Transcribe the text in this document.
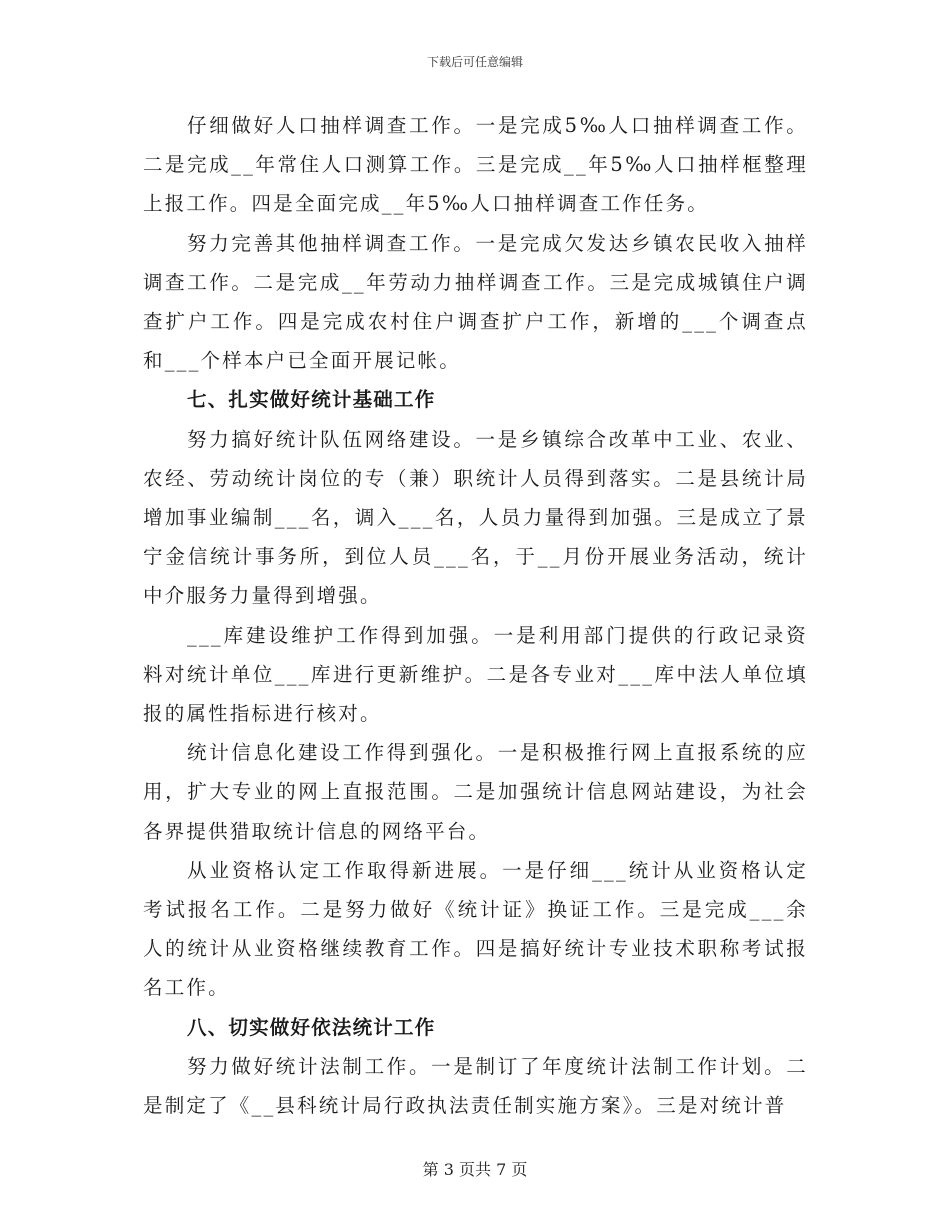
下载后可任意编辑

仔细做好人口抽样调查工作。一是完成5‰人口抽样调查工作。二是完成__年常住人口测算工作。三是完成__年5‰人口抽样框整理上报工作。四是全面完成__年5‰人口抽样调查工作任务。

努力完善其他抽样调查工作。一是完成欠发达乡镇农民收入抽样调查工作。二是完成__年劳动力抽样调查工作。三是完成城镇住户调查扩户工作。四是完成农村住户调查扩户工作，新增的___个调查点和___个样本户已全面开展记帐。

七、扎实做好统计基础工作

努力搞好统计队伍网络建设。一是乡镇综合改革中工业、农业、农经、劳动统计岗位的专（兼）职统计人员得到落实。二是县统计局增加事业编制___名，调入___名，人员力量得到加强。三是成立了景宁金信统计事务所，到位人员___名，于__月份开展业务活动，统计中介服务力量得到增强。

___库建设维护工作得到加强。一是利用部门提供的行政记录资料对统计单位___库进行更新维护。二是各专业对___库中法人单位填报的属性指标进行核对。

统计信息化建设工作得到强化。一是积极推行网上直报系统的应用，扩大专业的网上直报范围。二是加强统计信息网站建设，为社会各界提供猎取统计信息的网络平台。

从业资格认定工作取得新进展。一是仔细___统计从业资格认定考试报名工作。二是努力做好《统计证》换证工作。三是完成___余人的统计从业资格继续教育工作。四是搞好统计专业技术职称考试报名工作。

八、切实做好依法统计工作

努力做好统计法制工作。一是制订了年度统计法制工作计划。二是制定了《__县科统计局行政执法责任制实施方案》。三是对统计普

第 3 页共 7 页
